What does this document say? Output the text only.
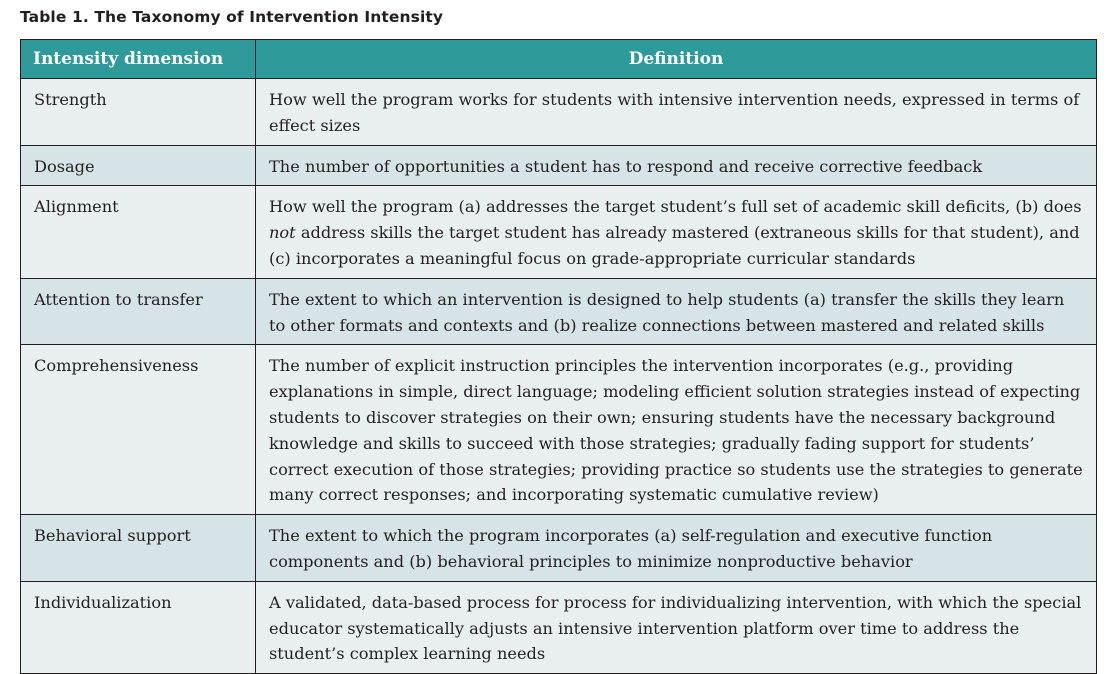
Table 1. The Taxonomy of Intervention Intensity
Intensity dimension	Definition
Strength	How well the program works for students with intensive intervention needs, expressed in terms of effect sizes
Dosage	The number of opportunities a student has to respond and receive corrective feedback
Alignment	How well the program (a) addresses the target student’s full set of academic skill deficits, (b) does not address skills the target student has already mastered (extraneous skills for that student), and (c) incorporates a meaningful focus on grade-appropriate curricular standards
Attention to transfer	The extent to which an intervention is designed to help students (a) transfer the skills they learn to other formats and contexts and (b) realize connections between mastered and related skills
Comprehensiveness	The number of explicit instruction principles the intervention incorporates (e.g., providing explanations in simple, direct language; modeling efficient solution strategies instead of expecting students to discover strategies on their own; ensuring students have the necessary background knowledge and skills to succeed with those strategies; gradually fading support for students’ correct execution of those strategies; providing practice so students use the strategies to generate many correct responses; and incorporating systematic cumulative review)
Behavioral support	The extent to which the program incorporates (a) self-regulation and executive function components and (b) behavioral principles to minimize nonproductive behavior
Individualization	A validated, data-based process for process for individualizing intervention, with which the special educator systematically adjusts an intensive intervention platform over time to address the student’s complex learning needs
